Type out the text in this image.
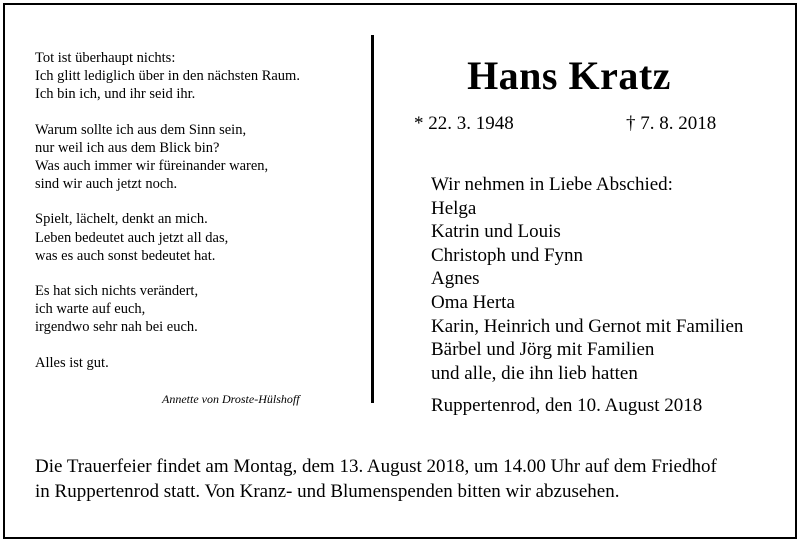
Tot ist überhaupt nichts:
Ich glitt lediglich über in den nächsten Raum.
Ich bin ich, und ihr seid ihr.
Warum sollte ich aus dem Sinn sein,
nur weil ich aus dem Blick bin?
Was auch immer wir füreinander waren,
sind wir auch jetzt noch.
Spielt, lächelt, denkt an mich.
Leben bedeutet auch jetzt all das,
was es auch sonst bedeutet hat.
Es hat sich nichts verändert,
ich warte auf euch,
irgendwo sehr nah bei euch.
Alles ist gut.
Annette von Droste-Hülshoff
Hans Kratz
* 22. 3. 1948	† 7. 8. 2018
Wir nehmen in Liebe Abschied:
Helga
Katrin und Louis
Christoph und Fynn
Agnes
Oma Herta
Karin, Heinrich und Gernot mit Familien
Bärbel und Jörg mit Familien
und alle, die ihn lieb hatten
Ruppertenrod, den 10. August 2018
Die Trauerfeier findet am Montag, dem 13. August 2018, um 14.00 Uhr auf dem Friedhof
in Ruppertenrod statt. Von Kranz- und Blumenspenden bitten wir abzusehen.
